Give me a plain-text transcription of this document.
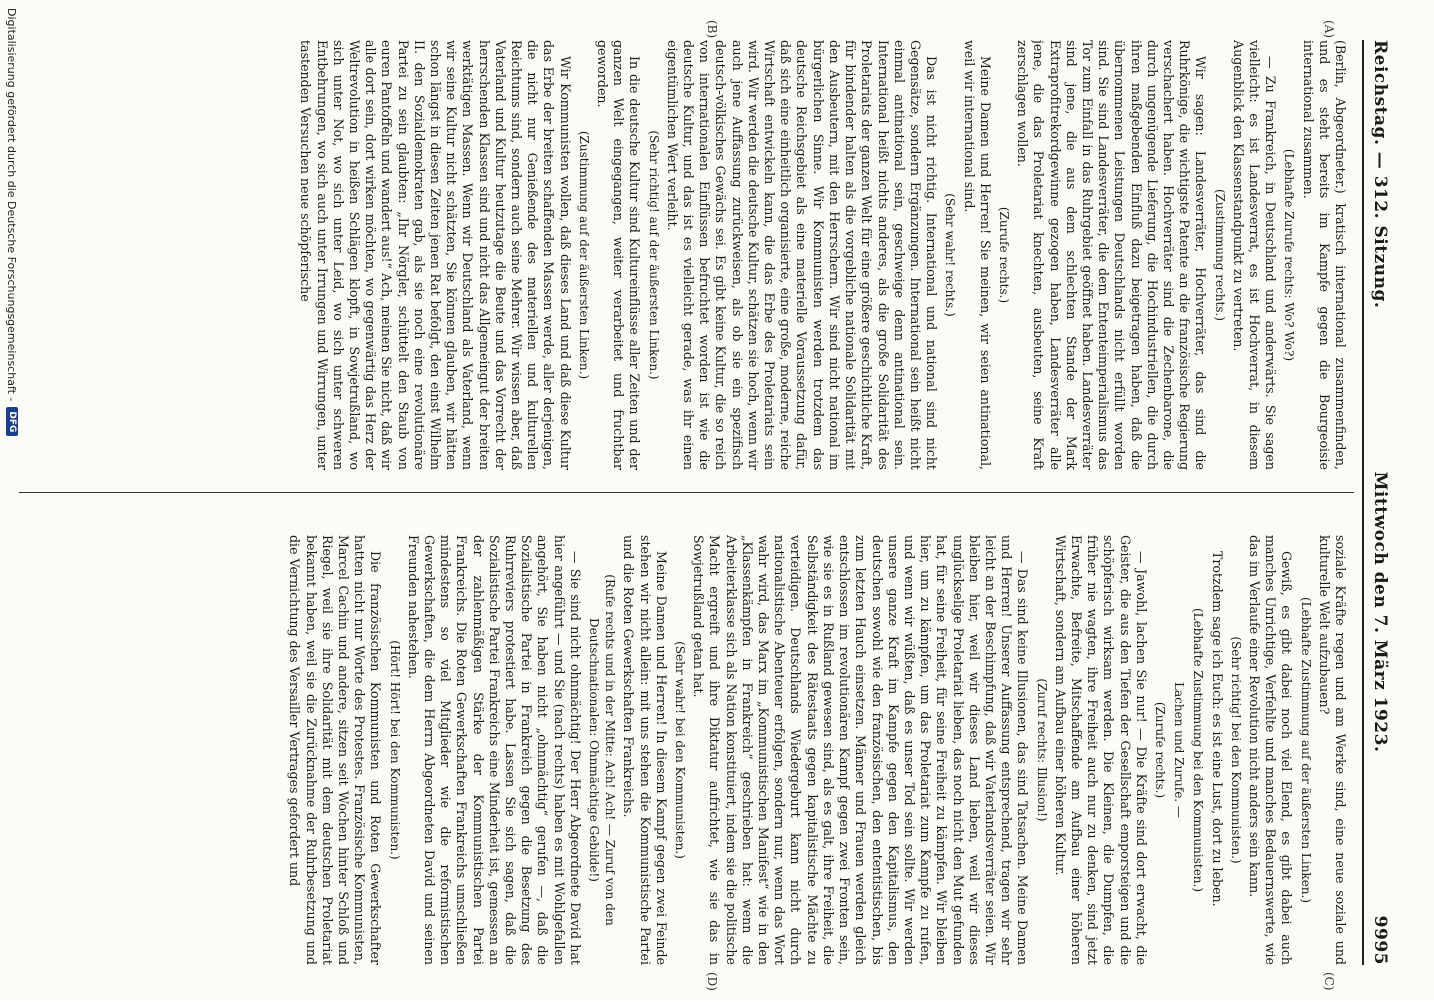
Reichstag. — 312. Sitzung.
Mittwoch den 7. März 1923.
9995
(A)
(B)
(C)
(D)

(Berlin, Abgeordneter.) kratisch international zusammenfinden, und es steht bereits im Kampfe gegen die Bourgeoisie international zusammen.

(Lebhafte Zurufe rechts: Wo? Wo?)

— Zu Frankreich, in Deutschland und anderwärts. Sie sagen vielleicht: es ist Landesverrat, es ist Hochverrat, in diesem Augenblick den Klassenstandpunkt zu vertreten.

(Zustimmung rechts.)

Wir sagen: Landesverräter, Hochverräter, das sind die Ruhrkönige, die wichtigste Patente an die französische Regierung verschachert haben. Hochverräter sind die Zechenbarone, die durch ungenügende Lieferung, die Hochindustriellen, die durch ihren maßgebenden Einfluß dazu beigetragen haben, daß die übernommenen Leistungen Deutschlands nicht erfüllt worden sind. Sie sind Landesverräter, die dem Ententeimperialismus das Tor zum Einfall in das Ruhrgebiet geöffnet haben. Landesverräter sind jene, die aus dem schlechten Stande der Mark Extraprofitrekordgewinne gezogen haben, Landesverräter alle jene, die das Proletariat knechten, ausbeuten, seine Kraft zerschlagen wollen.

(Zurufe rechts.)

Meine Damen und Herren! Sie meinen, wir seien antinational, weil wir international sind.

(Sehr wahr! rechts.)

Das ist nicht richtig. International und national sind nicht Gegensätze, sondern Ergänzungen. International sein heißt nicht einmal antinational sein, geschweige denn antinational sein. International heißt nichts anderes, als die große Solidarität des Proletariats der ganzen Welt für eine größere geschichtliche Kraft, für bindender halten als die vorgebliche nationale Solidarität mit den Ausbeutern, mit den Herrschern. Wir sind nicht national im bürgerlichen Sinne. Wir Kommunisten werden trotzdem das deutsche Reichsgebiet als eine materielle Voraussetzung dafür, daß sich eine einheitlich organisierte, eine große, moderne, reiche Wirtschaft entwickeln kann, die das Erbe des Proletariats sein wird. Wir werden die deutsche Kultur, schätzen sie hoch, wenn wir auch jene Auffassung zurückweisen, als ob sie ein spezifisch deutsch-völkisches Gewächs sei. Es gibt keine Kultur, die so reich von internationalen Einflüssen befruchtet worden ist wie die deutsche Kultur, und das ist es vielleicht gerade, was ihr einen eigentümlichen Wert verleiht.

(Sehr richtig! auf der äußersten Linken.)

In die deutsche Kultur sind Kultureinflüsse aller Zeiten und der ganzen Welt eingegangen, weiter verarbeitet und fruchtbar geworden.

(Zustimmung auf der äußersten Linken.)

Wir Kommunisten wollen, daß dieses Land und daß diese Kultur das Erbe der breiten schaffenden Massen werde, aller derjenigen, die nicht nur Genießende des materiellen und kulturellen Reichtums sind, sondern auch seine Mehrer. Wir wissen aber, daß Vaterland und Kultur heutzutage die Beute und das Vorrecht der herrschenden Klassen sind und nicht das Allgemeingut der breiten werktätigen Massen. Wenn wir Deutschland als Vaterland, wenn wir seine Kultur nicht schätzten, Sie können glauben, wir hätten schon längst in diesen Zeiten jenen Rat befolgt, den einst Wilhelm II. den Sozialdemokraten gab, als sie noch eine revolutionäre Partei zu sein glaubten: „Ihr Nörgler, schüttelt den Staub von euren Pantoffeln und wandert aus!“ Ach, meinen Sie nicht, daß wir alle dort sein, dort wirken möchten, wo gegenwärtig das Herz der Weltrevolution in heißen Schlägen klopft, in Sowjetrußland, wo sich unter Not, wo sich unter Leid, wo sich unter schweren Entbehrungen, wo sich auch unter Irrungen und Wirrungen, unter tastenden Versuchen neue schöpferische

soziale Kräfte regen und am Werke sind, eine neue soziale und kulturelle Welt aufzubauen?

(Lebhafte Zustimmung auf der äußersten Linken.)

Gewiß, es gibt dabei noch viel Elend, es gibt dabei auch manches Unrichtige, Verfehlte und manches Bedauernswerte, wie das im Verlaufe einer Revolution nicht anders sein kann.

(Sehr richtig! bei den Kommunisten.)

Trotzdem sage ich Euch: es ist eine Lust, dort zu leben.

(Lebhafte Zustimmung bei den Kommunisten.)

Lachen und Zurufe. —

(Zurufe rechts.)

— Jawohl, lachen Sie nur! — Die Kräfte sind dort erwacht, die Geister, die aus den Tiefen der Gesellschaft emporsteigen und die schöpferisch wirksam werden. Die Kleinen, die Dumpfen, die früher nie wagten, ihre Freiheit auch nur zu denken, sind jetzt Erwachte, Befreite, Mitschaffende am Aufbau einer höheren Wirtschaft, sondern am Aufbau einer höheren Kultur.

(Zuruf rechts: Illusion!)

— Das sind keine Illusionen, das sind Tatsachen. Meine Damen und Herren! Unserer Auffassung entsprechend, tragen wir sehr leicht an der Beschimpfung, daß wir Vaterlandsverräter seien. Wir bleiben hier, weil wir dieses Land lieben, weil wir dieses unglückselige Proletariat lieben, das noch nicht den Mut gefunden hat, für seine Freiheit, für seine Freiheit zu kämpfen. Wir bleiben hier, um zu kämpfen, um das Proletariat zum Kampfe zu rufen, und wenn wir wüßten, daß es unser Tod sein sollte. Wir werden unsere ganze Kraft im Kampfe gegen den Kapitalismus, den deutschen sowohl wie den französischen, den ententistischen, bis zum letzten Hauch einsetzen. Männer und Frauen werden gleich entschlossen im revolutionären Kampf gegen zwei Fronten sein, wie sie es in Rußland gewesen sind, als es galt, ihre Freiheit, die Selbständigkeit des Rätestaats gegen kapitalistische Mächte zu verteidigen. Deutschlands Wiedergeburt kann nicht durch nationalistische Abenteuer erfolgen, sondern nur, wenn das Wort wahr wird, das Marx im „Kommunistischen Manifest“ wie in den „Klassenkämpfen in Frankreich“ geschrieben hat: wenn die Arbeiterklasse sich als Nation konstituiert, indem sie die politische Macht ergreift und ihre Diktatur aufrichtet, wie sie das in Sowjetrußland getan hat.

(Sehr wahr! bei den Kommunisten.)

Meine Damen und Herren! In diesem Kampf gegen zwei Feinde stehen wir nicht allein: mit uns stehen die Kommunistische Partei und die Roten Gewerkschaften Frankreichs.

(Rufe rechts und in der Mitte: Ach! Ach! — Zuruf von den Deutschnationalen: Ohnmächtige Gebilde!)

— Sie sind nicht ohnmächtig! Der Herr Abgeordnete David hat hier angeführt — und Sie (nach rechts) haben es mit Wohlgefallen angehört, Sie haben nicht „ohnmächtig“ gerufen —, daß die Sozialistische Partei in Frankreich gegen die Besetzung des Ruhrreviers protestiert habe. Lassen Sie sich sagen, daß die Sozialistische Partei Frankreichs eine Minderheit ist, gemessen an der zahlenmäßigen Stärke der Kommunistischen Partei Frankreichs. Die Roten Gewerkschaften Frankreichs umschließen mindestens so viel Mitglieder wie die reformistischen Gewerkschaften, die dem Herrn Abgeordneten David und seinen Freunden nahestehen.

(Hört! Hört! bei den Kommunisten.)

Die französischen Kommunisten und Roten Gewerkschafter hatten nicht nur Worte des Protestes. Französische Kommunisten, Marcel Cachin und andere, sitzen seit Wochen hinter Schloß und Riegel, weil sie ihre Solidarität mit dem deutschen Proletariat bekannt haben, weil sie die Zurücknahme der Ruhrbesetzung und die Vernichtung des Versailler Vertrages gefordert und

Digitalisierung gefördert durch die Deutsche Forschungsgemeinschaft -
DFG
